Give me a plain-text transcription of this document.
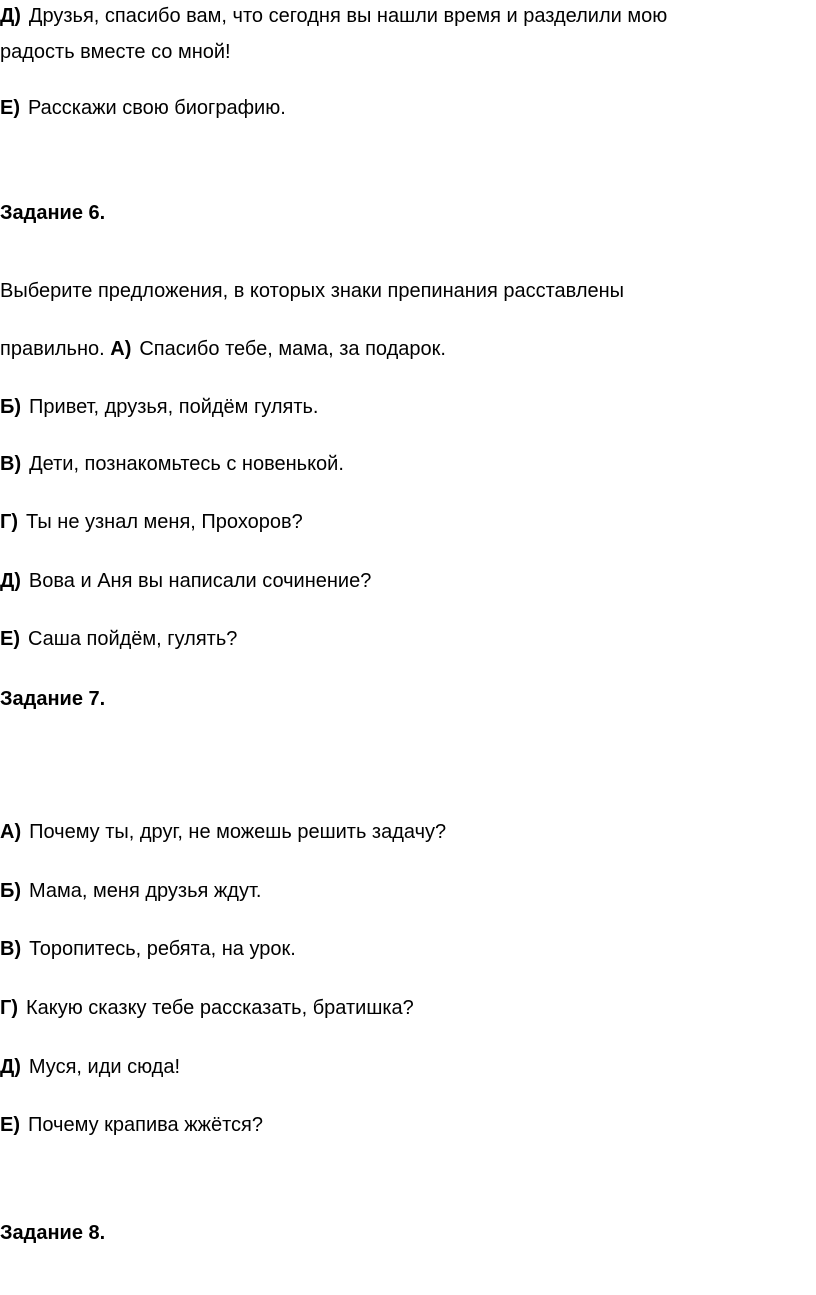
Д) Друзья, спасибо вам, что сегодня вы нашли время и разделили мою
радость вместе со мной!
Е) Расскажи свою биографию.
Задание 6.
Выберите предложения, в которых знаки препинания расставлены
правильно. А) Спасибо тебе, мама, за подарок.
Б) Привет, друзья, пойдём гулять.
В) Дети, познакомьтесь с новенькой.
Г) Ты не узнал меня, Прохоров?
Д) Вова и Аня вы написали сочинение?
Е) Саша пойдём, гулять?
Задание 7.
А) Почему ты, друг, не можешь решить задачу?
Б) Мама, меня друзья ждут.
В) Торопитесь, ребята, на урок.
Г) Какую сказку тебе рассказать, братишка?
Д) Муся, иди сюда!
Е) Почему крапива жжётся?
Задание 8.
